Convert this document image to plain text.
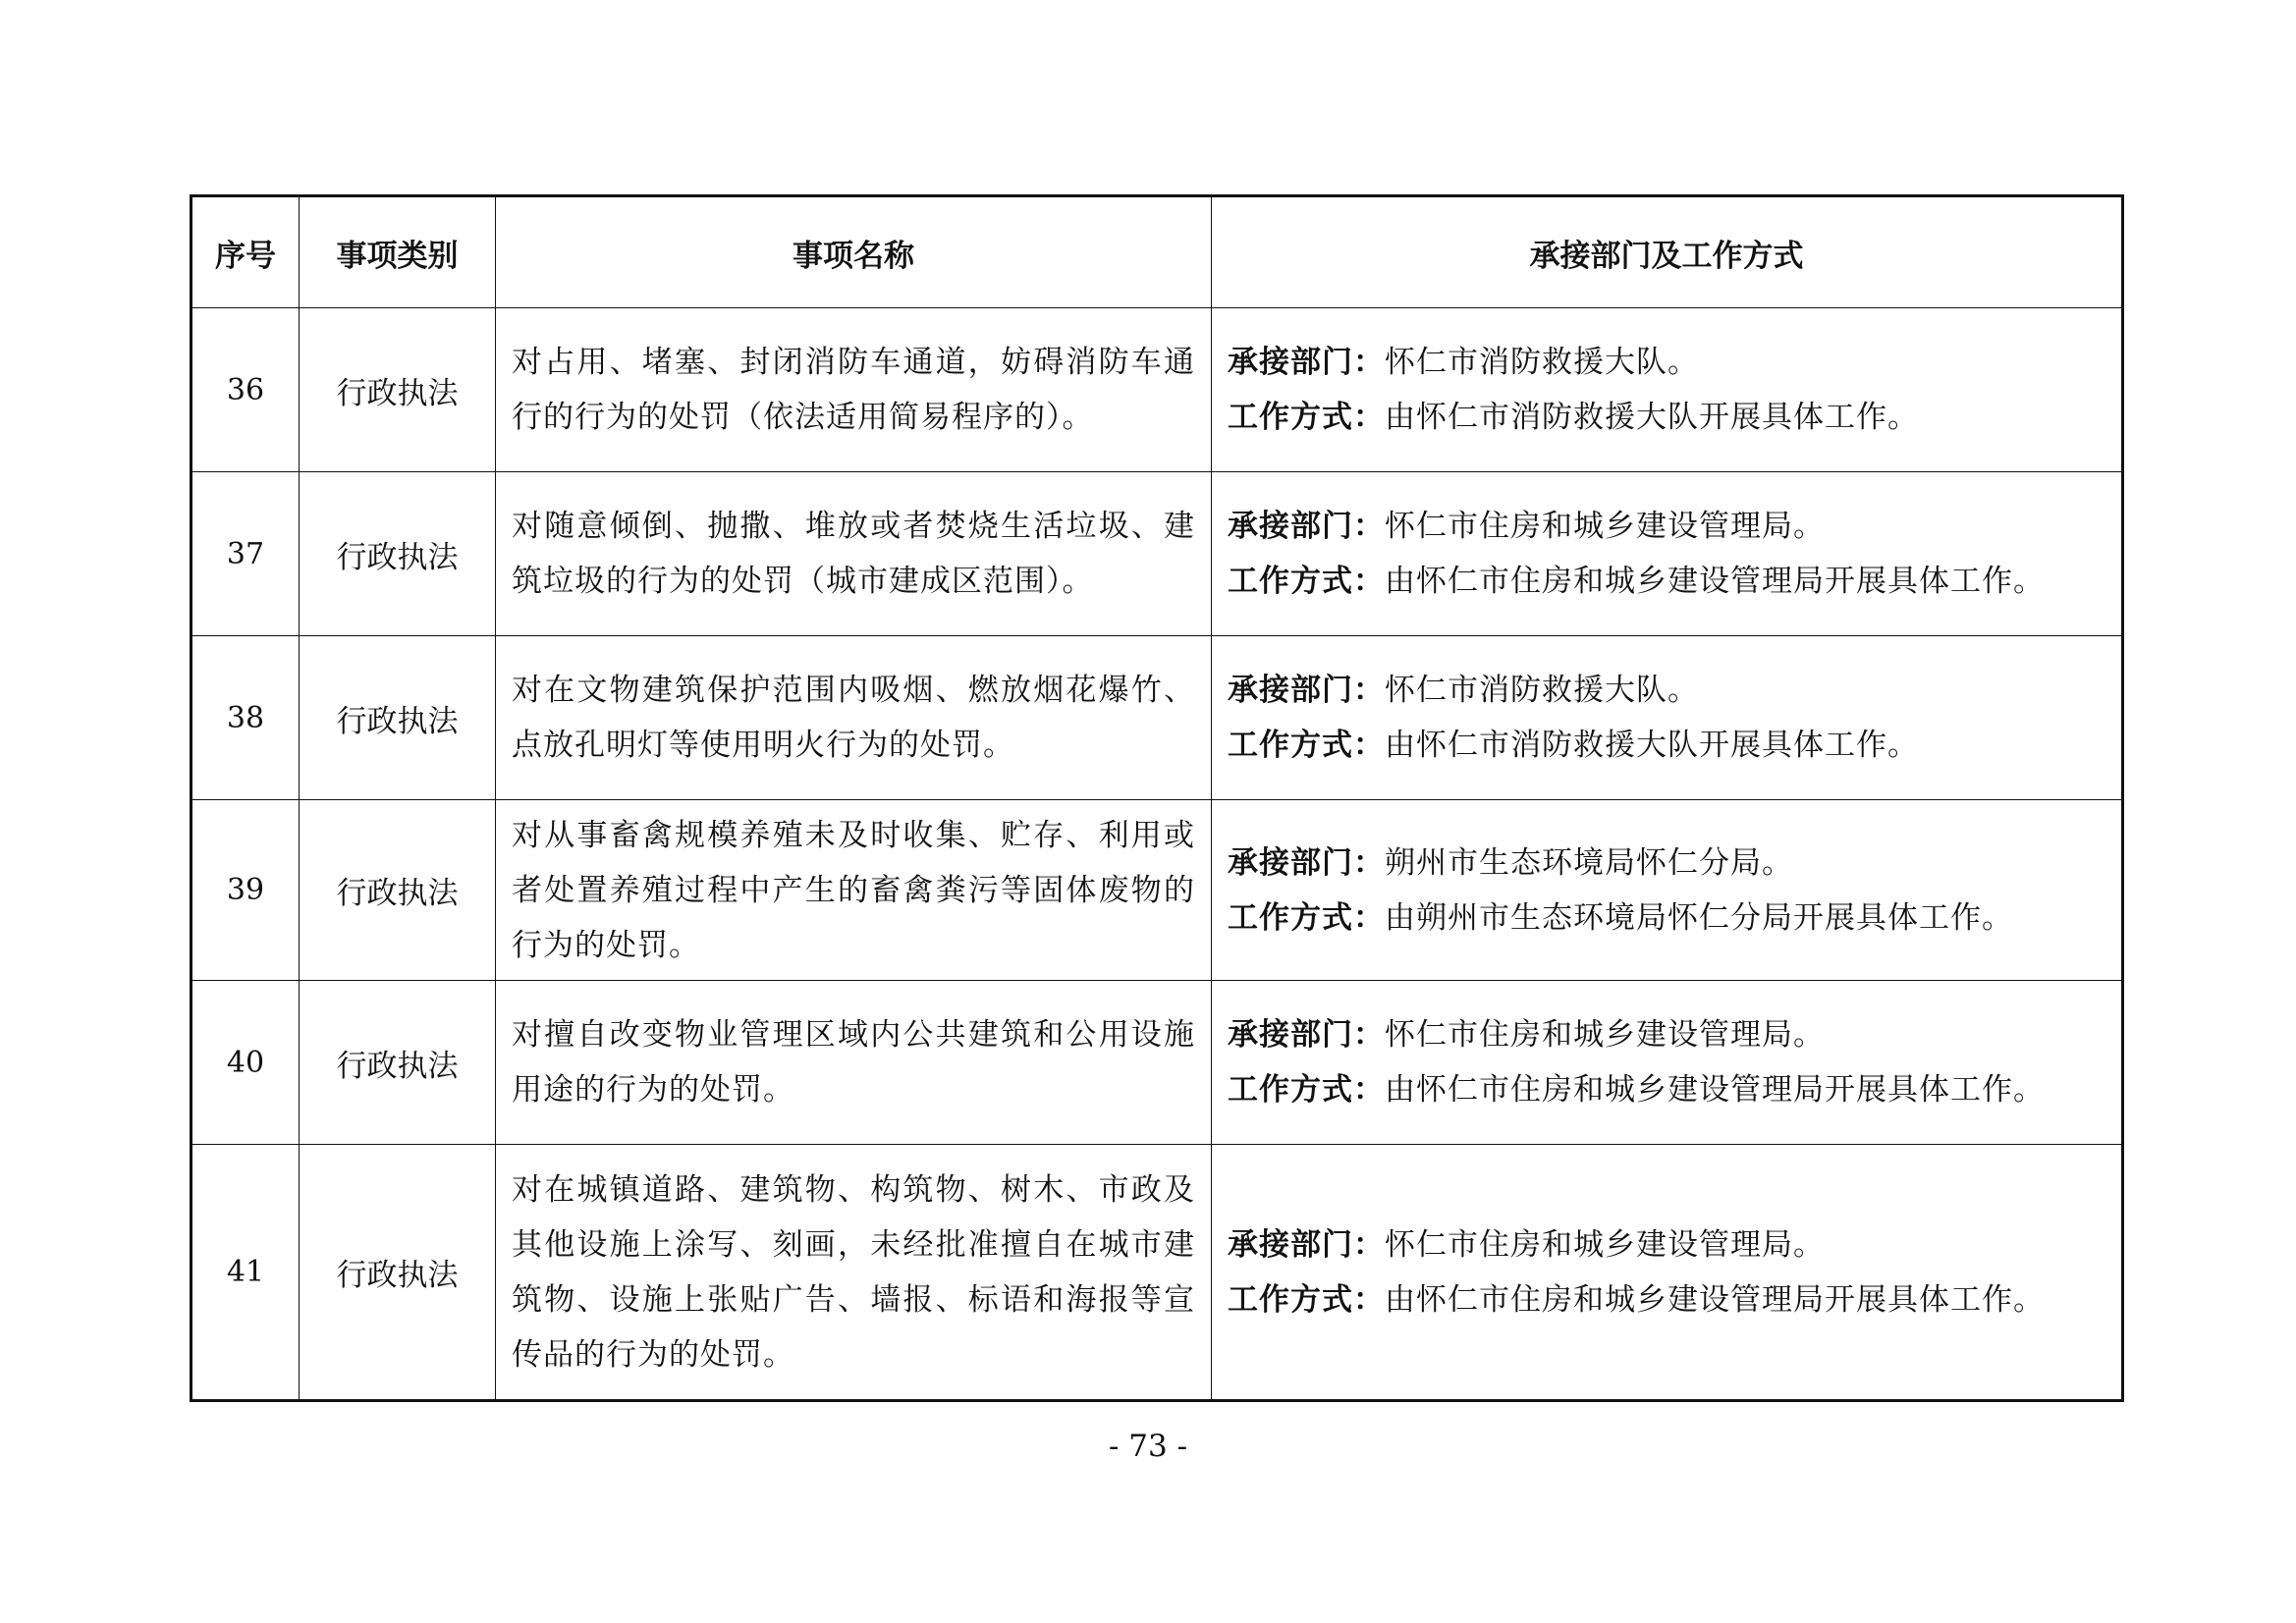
序号	事项类别	事项名称	承接部门及工作方式
36	行政执法	对占用、堵塞、封闭消防车通道，妨碍消防车通行的行为的处罚（依法适用简易程序的）。	承接部门：怀仁市消防救援大队。
工作方式：由怀仁市消防救援大队开展具体工作。

37	行政执法	对随意倾倒、抛撒、堆放或者焚烧生活垃圾、建筑垃圾的行为的处罚（城市建成区范围）。	承接部门：怀仁市住房和城乡建设管理局。
工作方式：由怀仁市住房和城乡建设管理局开展具体工作。

38	行政执法	对在文物建筑保护范围内吸烟、燃放烟花爆竹、点放孔明灯等使用明火行为的处罚。	承接部门：怀仁市消防救援大队。
工作方式：由怀仁市消防救援大队开展具体工作。

39	行政执法	对从事畜禽规模养殖未及时收集、贮存、利用或者处置养殖过程中产生的畜禽粪污等固体废物的行为的处罚。	承接部门：朔州市生态环境局怀仁分局。
工作方式：由朔州市生态环境局怀仁分局开展具体工作。

40	行政执法	对擅自改变物业管理区域内公共建筑和公用设施用途的行为的处罚。	承接部门：怀仁市住房和城乡建设管理局。
工作方式：由怀仁市住房和城乡建设管理局开展具体工作。

41	行政执法	对在城镇道路、建筑物、构筑物、树木、市政及其他设施上涂写、刻画，未经批准擅自在城市建筑物、设施上张贴广告、墙报、标语和海报等宣传品的行为的处罚。	承接部门：怀仁市住房和城乡建设管理局。
工作方式：由怀仁市住房和城乡建设管理局开展具体工作。
- 73 -
